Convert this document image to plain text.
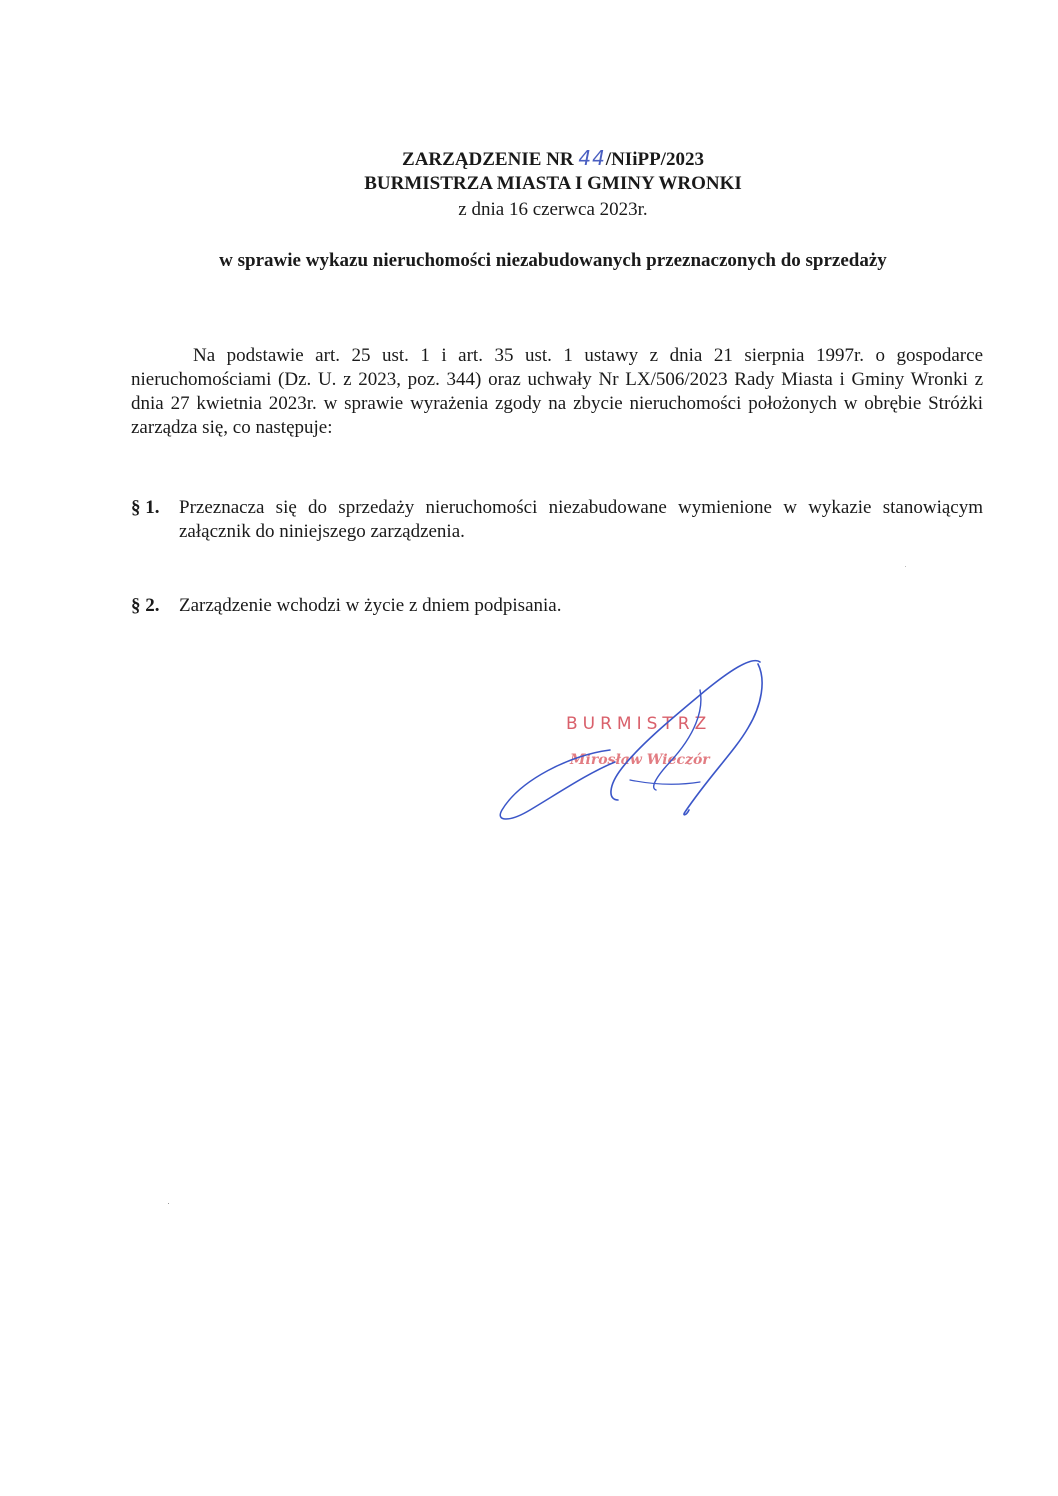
ZARZĄDZENIE NR 44/NIiPP/2023
BURMISTRZA MIASTA I GMINY WRONKI
z dnia 16 czerwca 2023r.
w sprawie wykazu nieruchomości niezabudowanych przeznaczonych do sprzedaży
Na podstawie art. 25 ust. 1 i art. 35 ust. 1 ustawy z dnia 21 sierpnia 1997r. o gospodarce nieruchomościami (Dz. U. z 2023, poz. 344) oraz uchwały Nr LX/506/2023 Rady Miasta i Gminy Wronki z dnia 27 kwietnia 2023r. w sprawie wyrażenia zgody na zbycie nieruchomości położonych w obrębie Stróżki zarządza się, co następuje:
§ 1. Przeznacza się do sprzedaży nieruchomości niezabudowane wymienione w wykazie stanowiącym załącznik do niniejszego zarządzenia.
§ 2. Zarządzenie wchodzi w życie z dniem podpisania.
BURMISTRZ
Mirosław Wieczór
